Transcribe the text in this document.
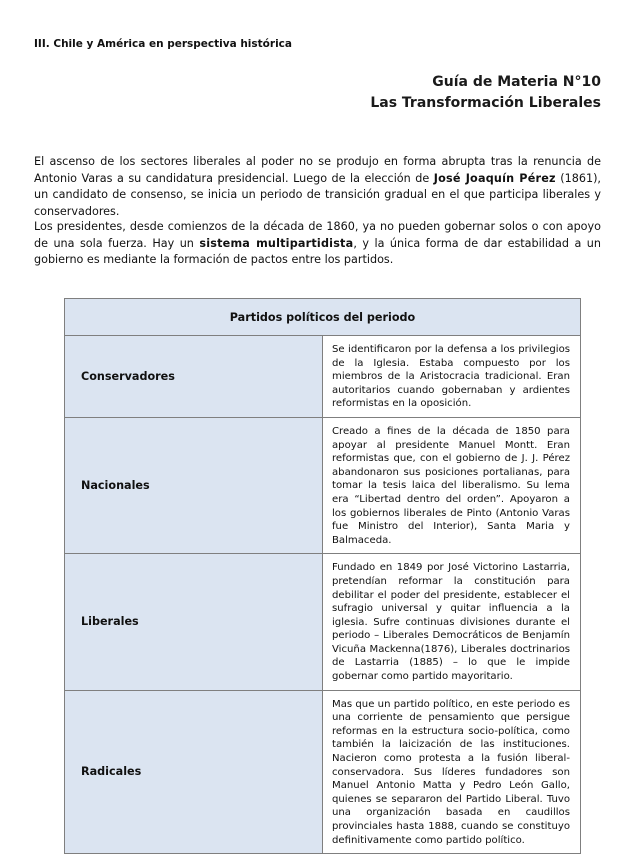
III. Chile y América en perspectiva histórica
Guía de Materia N°10
Las Transformación Liberales

El ascenso de los sectores liberales al poder no se produjo en forma abrupta tras la renuncia de Antonio Varas a su candidatura presidencial. Luego de la elección de José Joaquín Pérez (1861), un candidato de consenso, se inicia un periodo de transición gradual en el que participa liberales y conservadores.

Los presidentes, desde comienzos de la década de 1860, ya no pueden gobernar solos o con apoyo de una sola fuerza. Hay un sistema multipartidista, y la única forma de dar estabilidad a un gobierno es mediante la formación de pactos entre los partidos.

Partidos políticos del periodo	
Conservadores	Se identificaron por la defensa a los privilegios de la Iglesia. Estaba compuesto por los miembros de la Aristocracia tradicional. Eran autoritarios cuando gobernaban y ardientes reformistas en la oposición.
Nacionales	Creado a fines de la década de 1850 para apoyar al presidente Manuel Montt. Eran reformistas que, con el gobierno de J. J. Pérez abandonaron sus posiciones portalianas, para tomar la tesis laica del liberalismo. Su lema era “Libertad dentro del orden”. Apoyaron a los gobiernos liberales de Pinto (Antonio Varas fue Ministro del Interior), Santa Maria y Balmaceda.
Liberales	Fundado en 1849 por José Victorino Lastarria, pretendían reformar la constitución para debilitar el poder del presidente, establecer el sufragio universal y quitar influencia a la iglesia. Sufre continuas divisiones durante el periodo – Liberales Democráticos de Benjamín Vicuña Mackenna(1876), Liberales doctrinarios de Lastarria (1885) – lo que le impide gobernar como partido mayoritario.
Radicales	Mas que un partido político, en este periodo es una corriente de pensamiento que persigue reformas en la estructura socio-política, como también la laicización de las instituciones. Nacieron como protesta a la fusión liberal-conservadora. Sus líderes fundadores son Manuel Antonio Matta y Pedro León Gallo, quienes se separaron del Partido Liberal. Tuvo una organización basada en caudillos provinciales hasta 1888, cuando se constituyo definitivamente como partido político.
